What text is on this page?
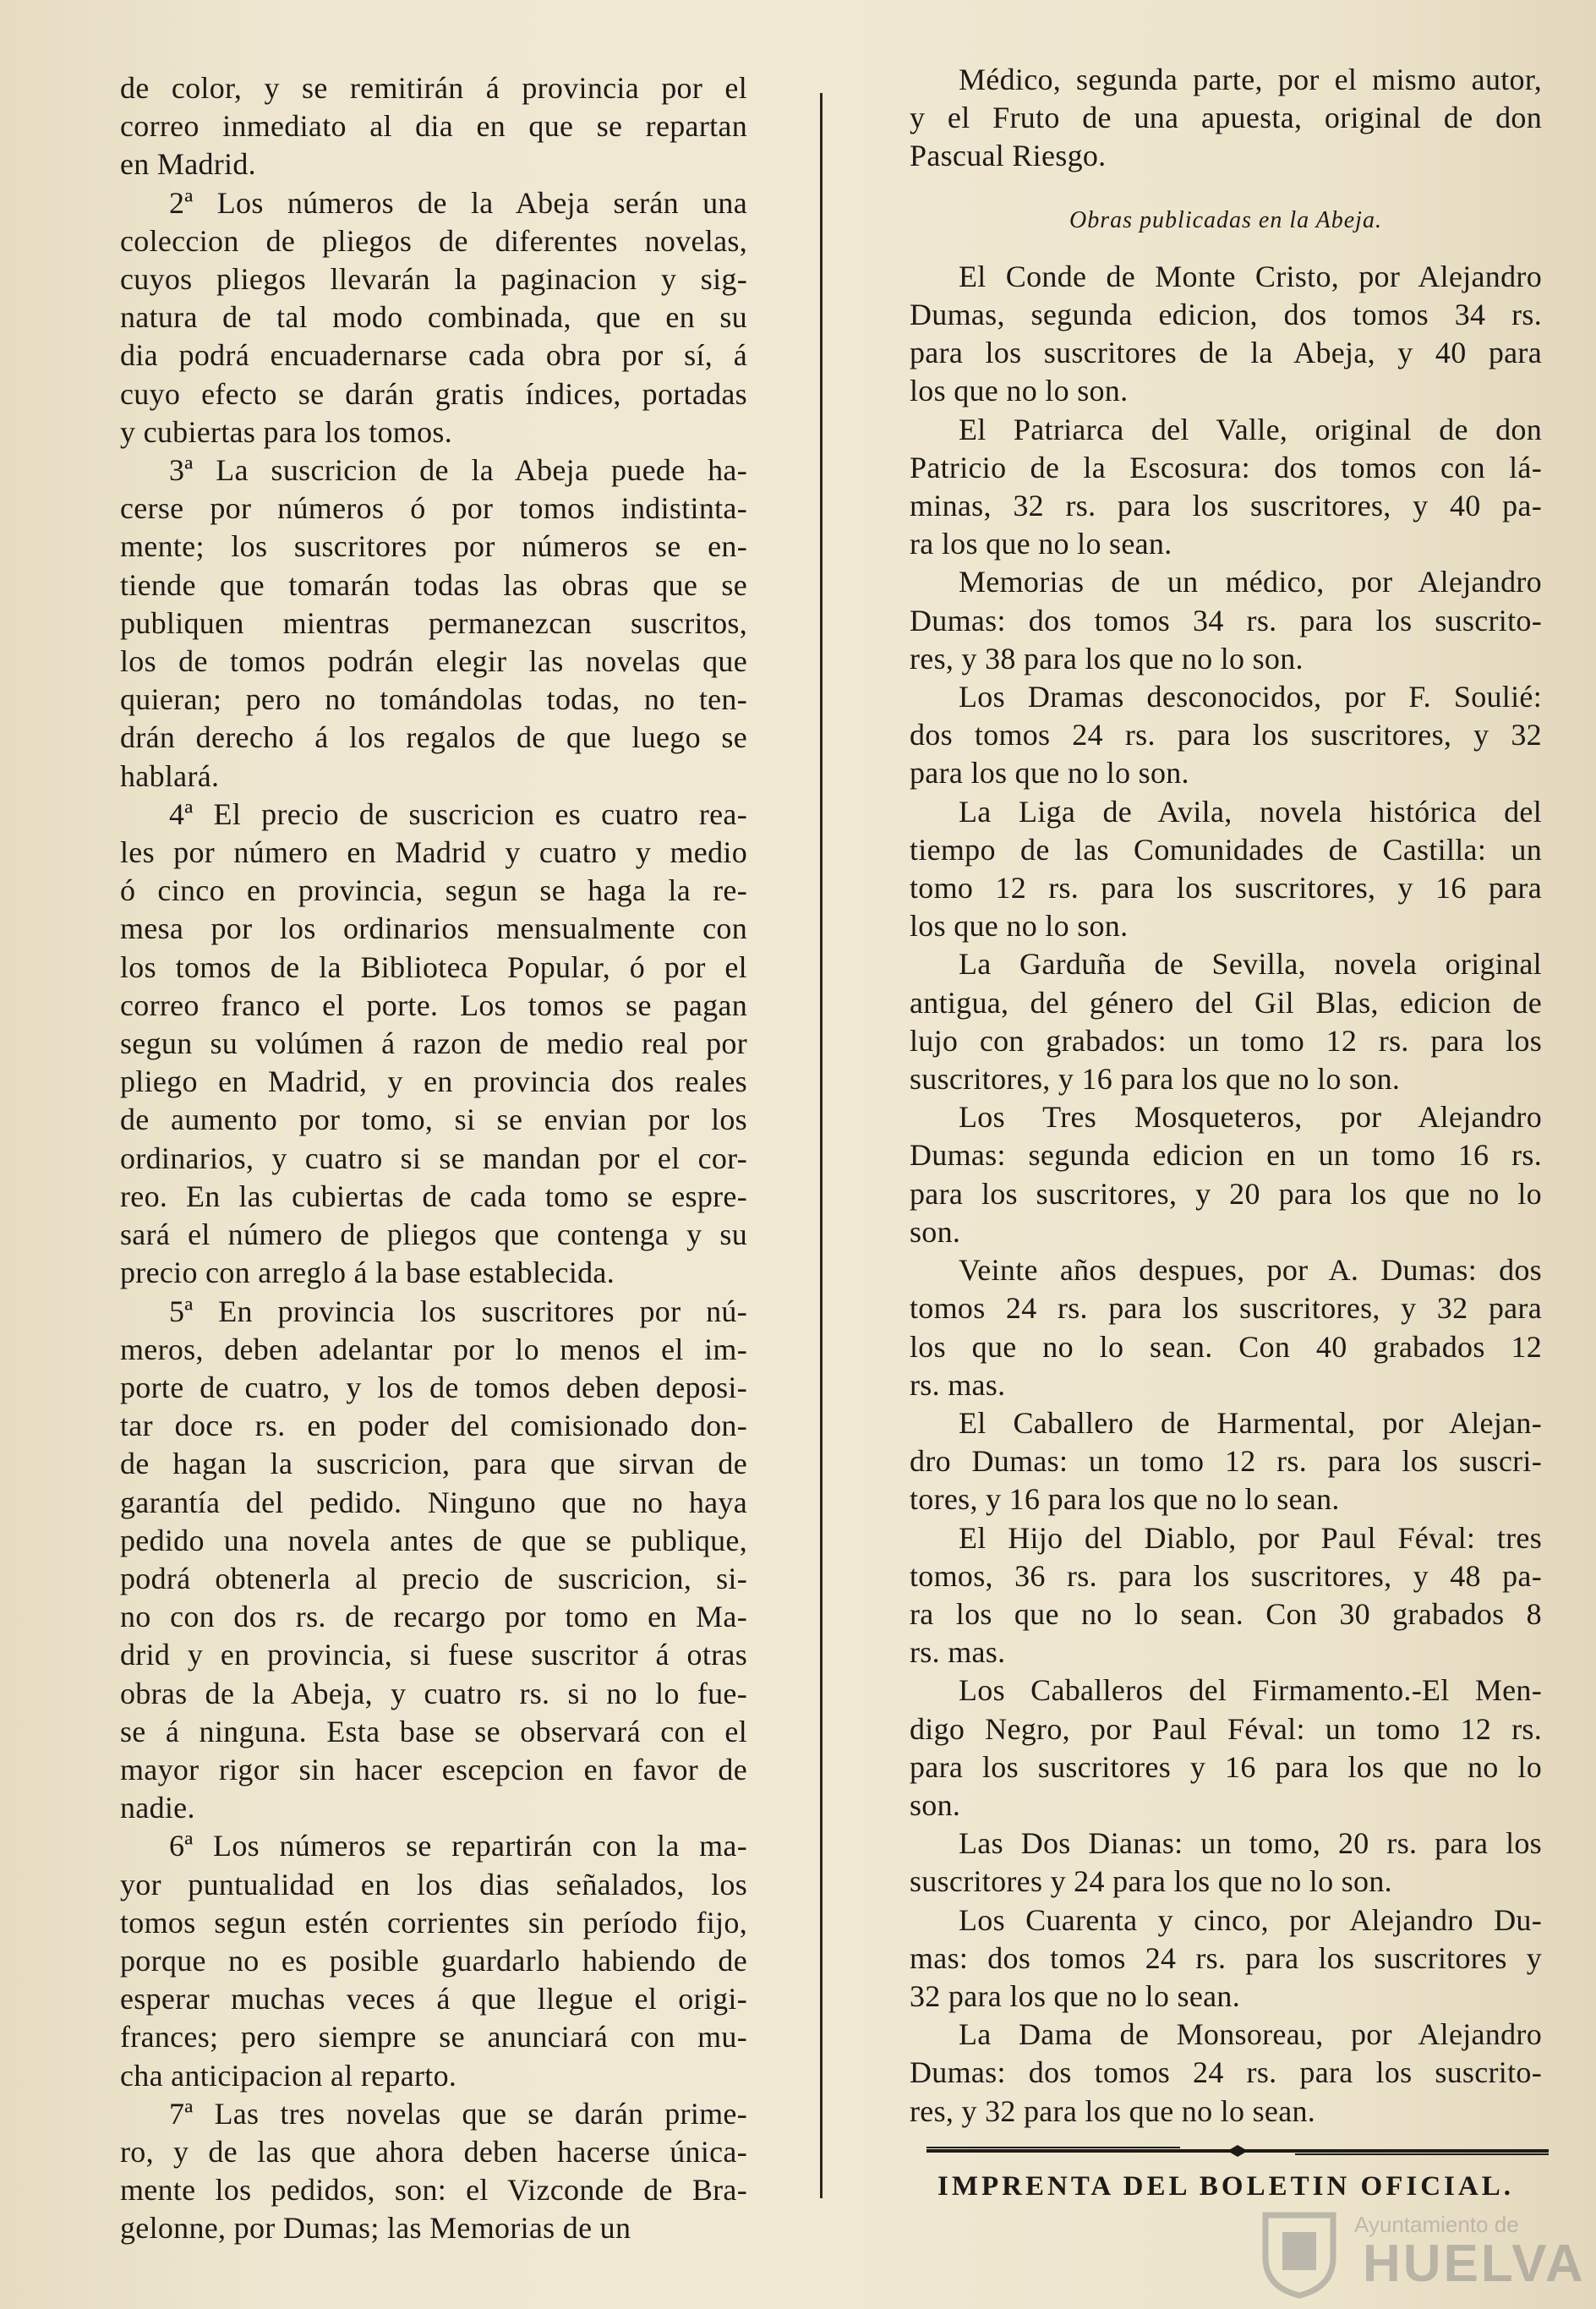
de color, y se remitirán á provincia por el
correo inmediato al dia en que se repartan
en Madrid.

2ª Los números de la Abeja serán una
coleccion de pliegos de diferentes novelas,
cuyos pliegos llevarán la paginacion y sig-
natura de tal modo combinada, que en su
dia podrá encuadernarse cada obra por sí, á
cuyo efecto se darán gratis índices, portadas
y cubiertas para los tomos.

3ª La suscricion de la Abeja puede ha-
cerse por números ó por tomos indistinta-
mente; los suscritores por números se en-
tiende que tomarán todas las obras que se
publiquen mientras permanezcan suscritos,
los de tomos podrán elegir las novelas que
quieran; pero no tomándolas todas, no ten-
drán derecho á los regalos de que luego se
hablará.

4ª El precio de suscricion es cuatro rea-
les por número en Madrid y cuatro y medio
ó cinco en provincia, segun se haga la re-
mesa por los ordinarios mensualmente con
los tomos de la Biblioteca Popular, ó por el
correo franco el porte. Los tomos se pagan
segun su volúmen á razon de medio real por
pliego en Madrid, y en provincia dos reales
de aumento por tomo, si se envian por los
ordinarios, y cuatro si se mandan por el cor-
reo. En las cubiertas de cada tomo se espre-
sará el número de pliegos que contenga y su
precio con arreglo á la base establecida.

5ª En provincia los suscritores por nú-
meros, deben adelantar por lo menos el im-
porte de cuatro, y los de tomos deben deposi-
tar doce rs. en poder del comisionado don-
de hagan la suscricion, para que sirvan de
garantía del pedido. Ninguno que no haya
pedido una novela antes de que se publique,
podrá obtenerla al precio de suscricion, si-
no con dos rs. de recargo por tomo en Ma-
drid y en provincia, si fuese suscritor á otras
obras de la Abeja, y cuatro rs. si no lo fue-
se á ninguna. Esta base se observará con el
mayor rigor sin hacer escepcion en favor de
nadie.

6ª Los números se repartirán con la ma-
yor puntualidad en los dias señalados, los
tomos segun estén corrientes sin período fijo,
porque no es posible guardarlo habiendo de
esperar muchas veces á que llegue el origi-
frances; pero siempre se anunciará con mu-
cha anticipacion al reparto.

7ª Las tres novelas que se darán prime-
ro, y de las que ahora deben hacerse única-
mente los pedidos, son: el Vizconde de Bra-
gelonne, por Dumas; las Memorias de un

Médico, segunda parte, por el mismo autor,
y el Fruto de una apuesta, original de don
Pascual Riesgo.

Obras publicadas en la Abeja.

El Conde de Monte Cristo, por Alejandro
Dumas, segunda edicion, dos tomos 34 rs.
para los suscritores de la Abeja, y 40 para
los que no lo son.

El Patriarca del Valle, original de don
Patricio de la Escosura: dos tomos con lá-
minas, 32 rs. para los suscritores, y 40 pa-
ra los que no lo sean.

Memorias de un médico, por Alejandro
Dumas: dos tomos 34 rs. para los suscrito-
res, y 38 para los que no lo son.

Los Dramas desconocidos, por F. Soulié:
dos tomos 24 rs. para los suscritores, y 32
para los que no lo son.

La Liga de Avila, novela histórica del
tiempo de las Comunidades de Castilla: un
tomo 12 rs. para los suscritores, y 16 para
los que no lo son.

La Garduña de Sevilla, novela original
antigua, del género del Gil Blas, edicion de
lujo con grabados: un tomo 12 rs. para los
suscritores, y 16 para los que no lo son.

Los Tres Mosqueteros, por Alejandro
Dumas: segunda edicion en un tomo 16 rs.
para los suscritores, y 20 para los que no lo
son.

Veinte años despues, por A. Dumas: dos
tomos 24 rs. para los suscritores, y 32 para
los que no lo sean. Con 40 grabados 12
rs. mas.

El Caballero de Harmental, por Alejan-
dro Dumas: un tomo 12 rs. para los suscri-
tores, y 16 para los que no lo sean.

El Hijo del Diablo, por Paul Féval: tres
tomos, 36 rs. para los suscritores, y 48 pa-
ra los que no lo sean. Con 30 grabados 8
rs. mas.

Los Caballeros del Firmamento.-El Men-
digo Negro, por Paul Féval: un tomo 12 rs.
para los suscritores y 16 para los que no lo
son.

Las Dos Dianas: un tomo, 20 rs. para los
suscritores y 24 para los que no lo son.

Los Cuarenta y cinco, por Alejandro Du-
mas: dos tomos 24 rs. para los suscritores y
32 para los que no lo sean.

La Dama de Monsoreau, por Alejandro
Dumas: dos tomos 24 rs. para los suscrito-
res, y 32 para los que no lo sean.

IMPRENTA DEL BOLETIN OFICIAL.
Ayuntamiento de
HUELVA
